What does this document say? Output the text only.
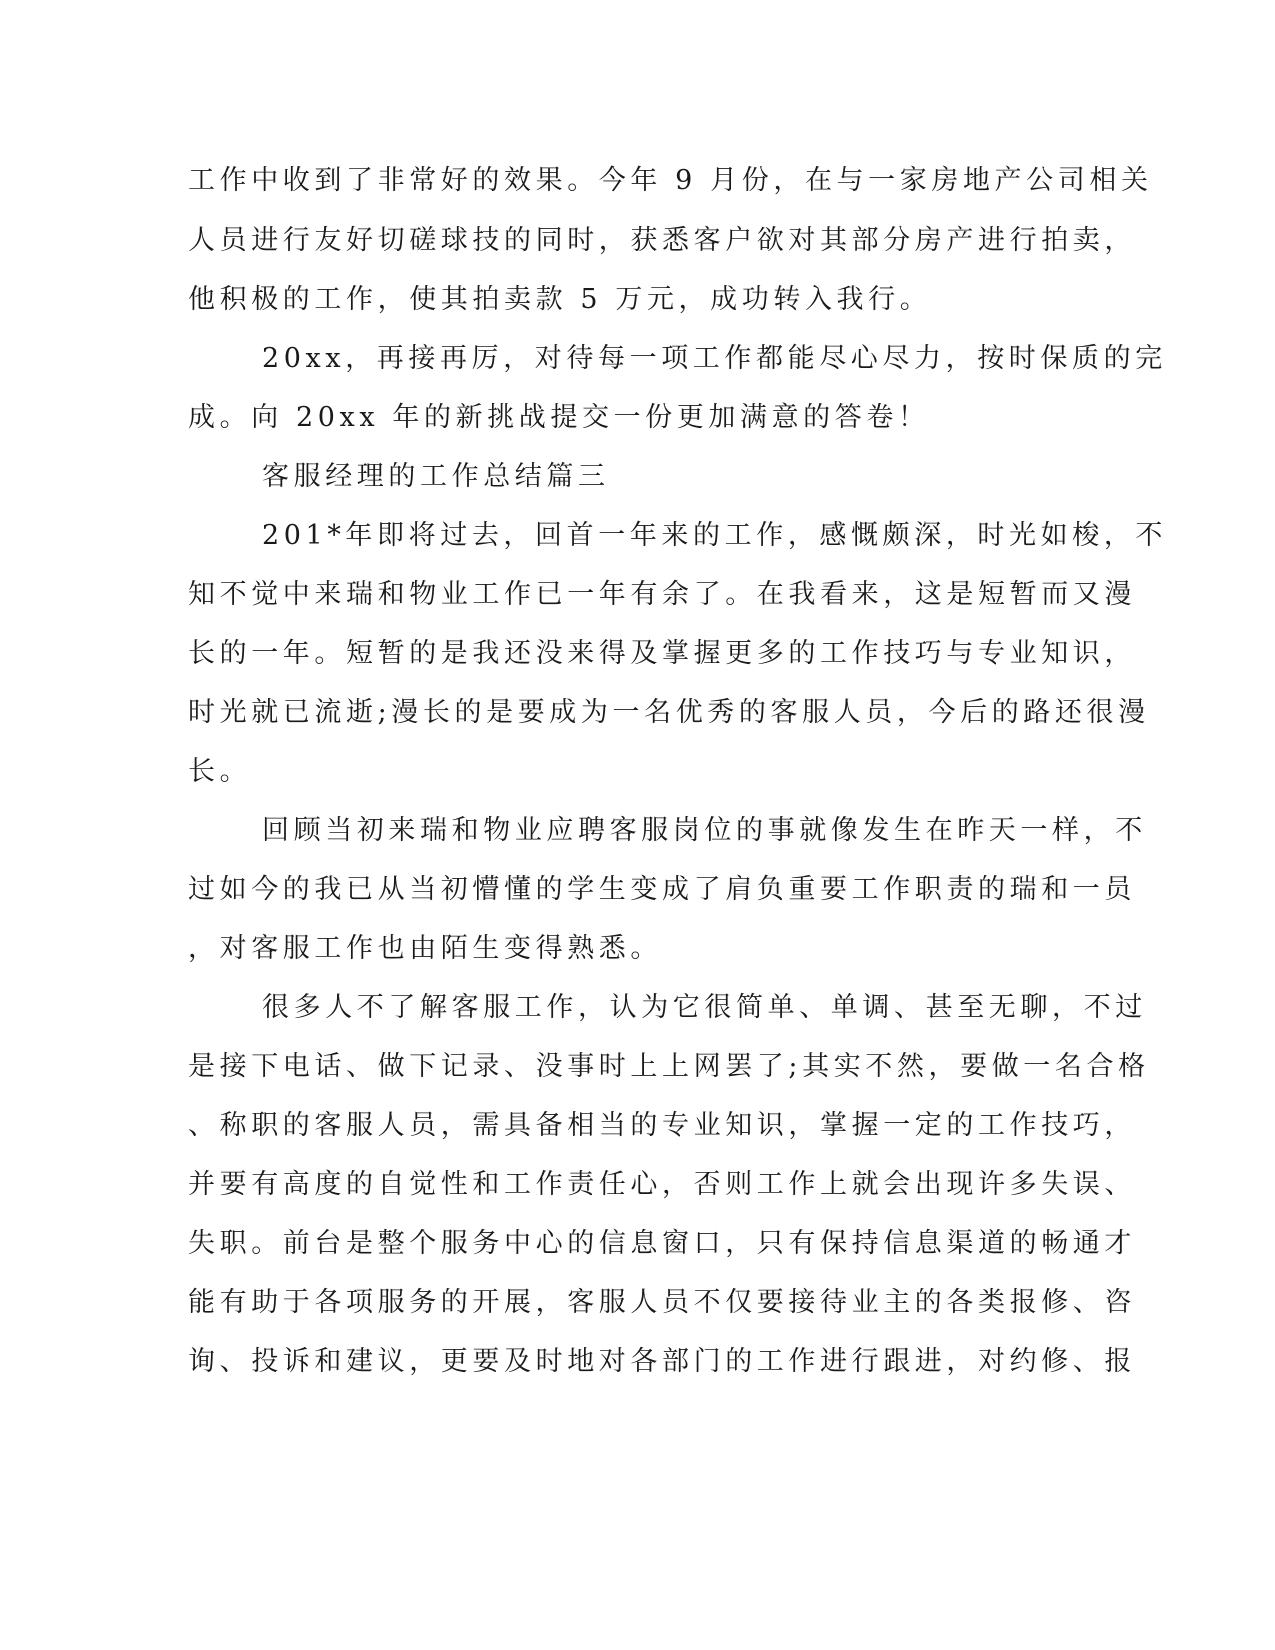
工作中收到了非常好的效果。今年 9 月份，在与一家房地产公司相关
人员进行友好切磋球技的同时，获悉客户欲对其部分房产进行拍卖，
他积极的工作，使其拍卖款 5 万元，成功转入我行。
20xx，再接再厉，对待每一项工作都能尽心尽力，按时保质的完
成。向 20xx 年的新挑战提交一份更加满意的答卷！
客服经理的工作总结篇三
201*年即将过去，回首一年来的工作，感慨颇深，时光如梭，不
知不觉中来瑞和物业工作已一年有余了。在我看来，这是短暂而又漫
长的一年。短暂的是我还没来得及掌握更多的工作技巧与专业知识，
时光就已流逝;漫长的是要成为一名优秀的客服人员，今后的路还很漫
长。
回顾当初来瑞和物业应聘客服岗位的事就像发生在昨天一样，不
过如今的我已从当初懵懂的学生变成了肩负重要工作职责的瑞和一员
，对客服工作也由陌生变得熟悉。
很多人不了解客服工作，认为它很简单、单调、甚至无聊，不过
是接下电话、做下记录、没事时上上网罢了;其实不然，要做一名合格
、称职的客服人员，需具备相当的专业知识，掌握一定的工作技巧，
并要有高度的自觉性和工作责任心，否则工作上就会出现许多失误、
失职。前台是整个服务中心的信息窗口，只有保持信息渠道的畅通才
能有助于各项服务的开展，客服人员不仅要接待业主的各类报修、咨
询、投诉和建议，更要及时地对各部门的工作进行跟进，对约修、报
